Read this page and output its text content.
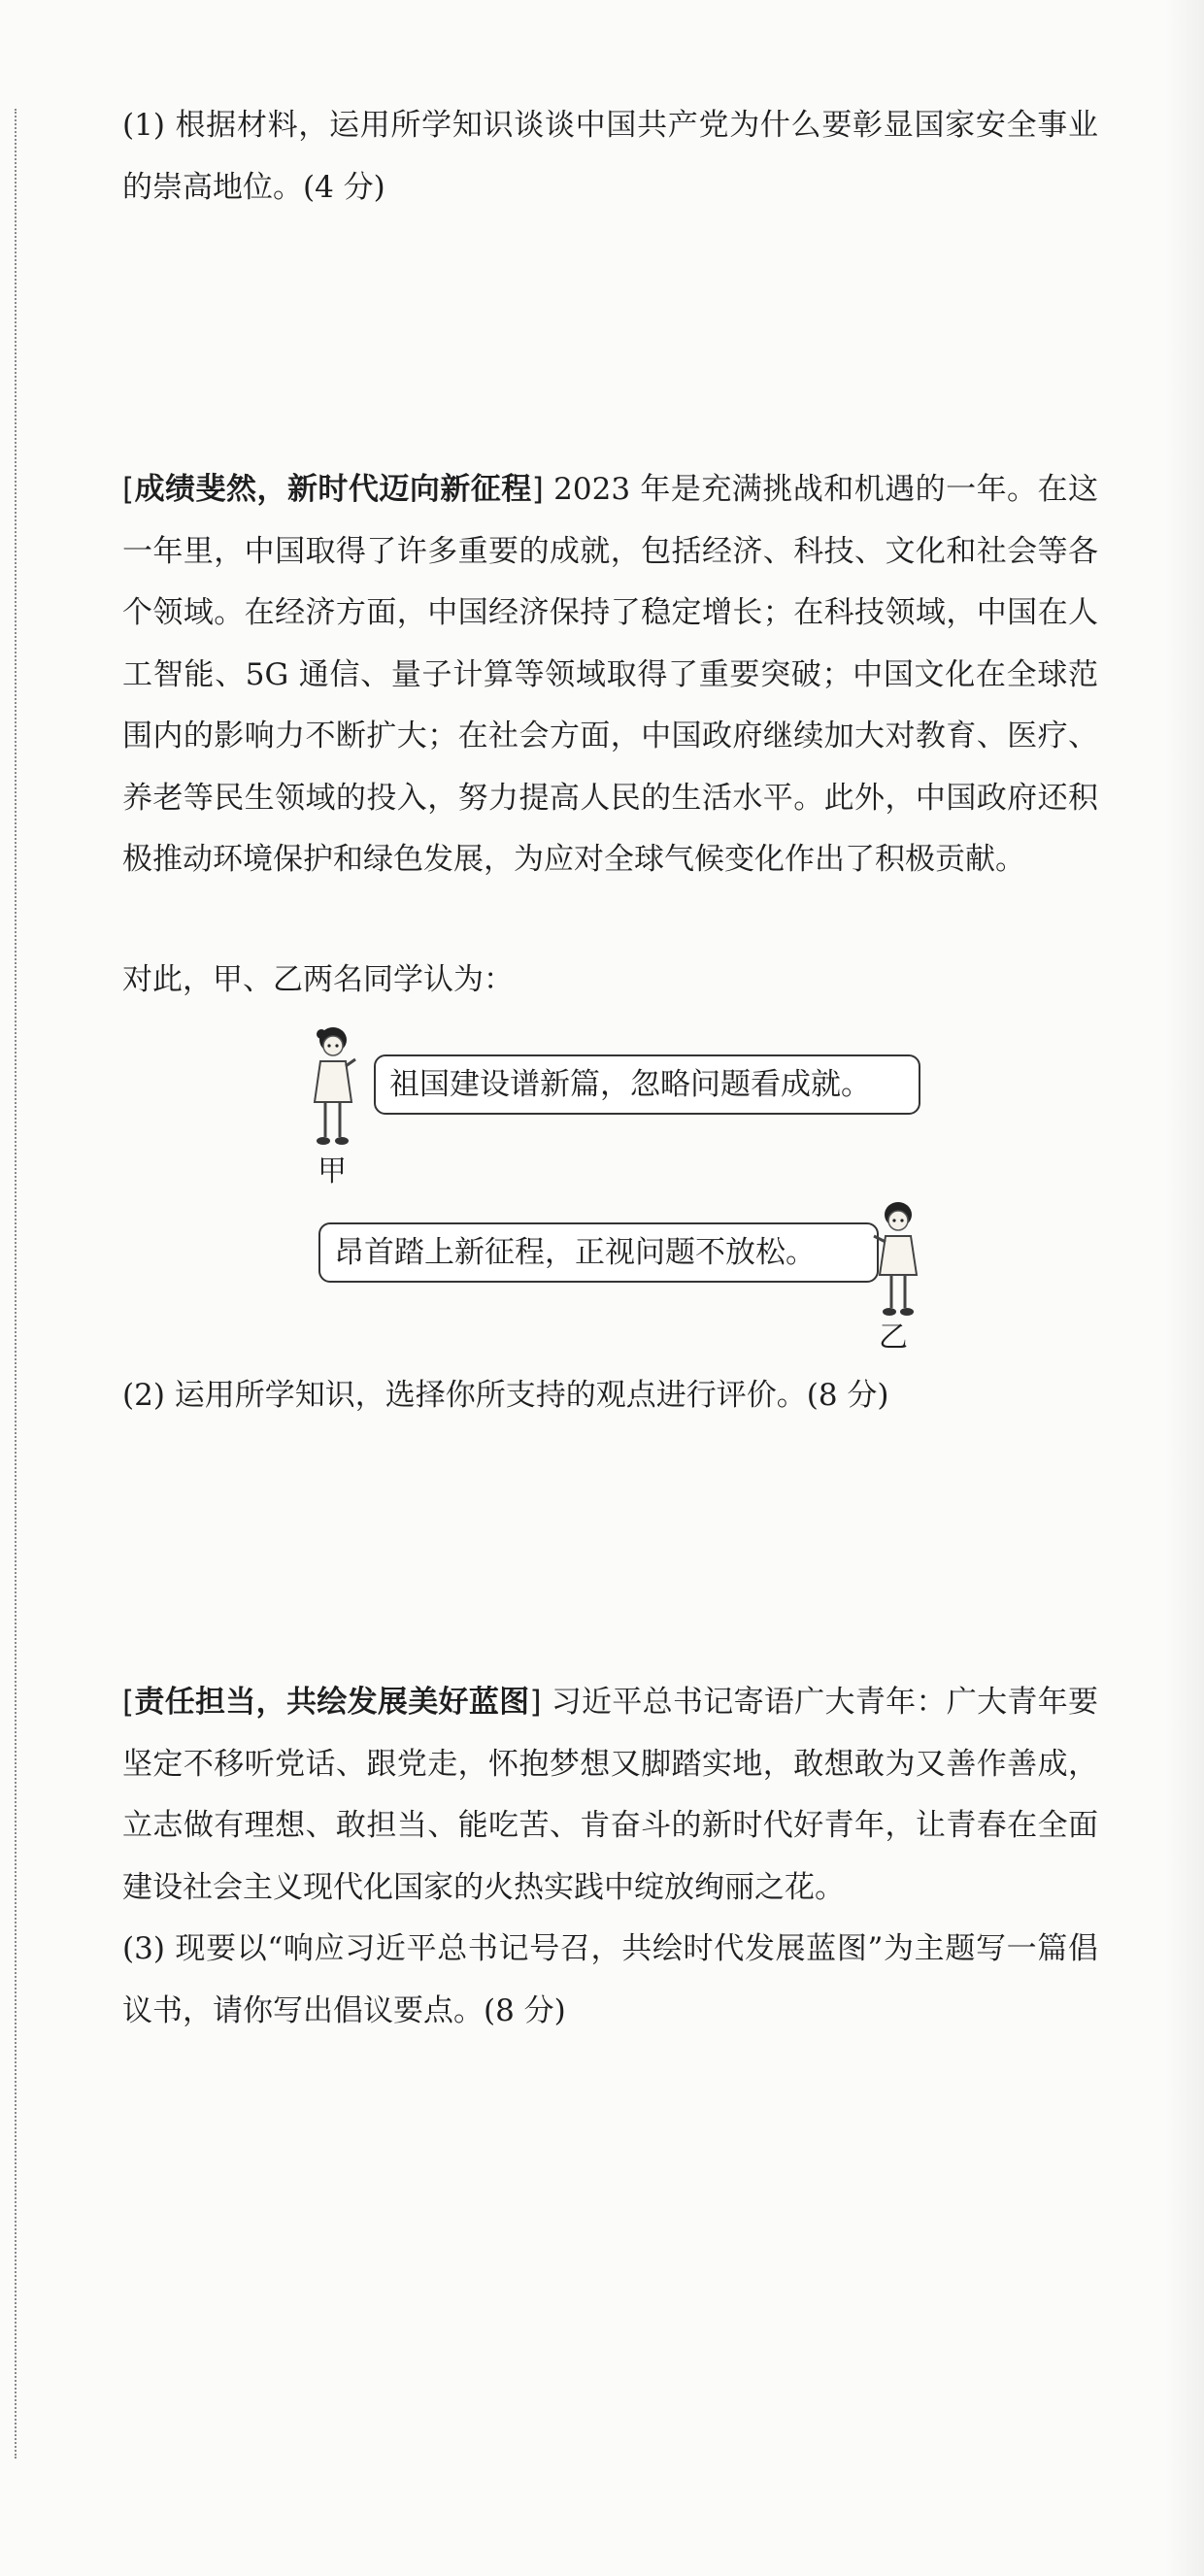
(1) 根据材料，运用所学知识谈谈中国共产党为什么要彰显国家安全事业的崇高地位。(4 分)

[成绩斐然，新时代迈向新征程] 2023 年是充满挑战和机遇的一年。在这一年里，中国取得了许多重要的成就，包括经济、科技、文化和社会等各个领域。在经济方面，中国经济保持了稳定增长；在科技领域，中国在人工智能、5G 通信、量子计算等领域取得了重要突破；中国文化在全球范围内的影响力不断扩大；在社会方面，中国政府继续加大对教育、医疗、养老等民生领域的投入，努力提高人民的生活水平。此外，中国政府还积极推动环境保护和绿色发展，为应对全球气候变化作出了积极贡献。

对此，甲、乙两名同学认为：

甲
祖国建设谱新篇，忽略问题看成就。
昂首踏上新征程，正视问题不放松。
乙

(2) 运用所学知识，选择你所支持的观点进行评价。(8 分)

[责任担当，共绘发展美好蓝图] 习近平总书记寄语广大青年：广大青年要坚定不移听党话、跟党走，怀抱梦想又脚踏实地，敢想敢为又善作善成，立志做有理想、敢担当、能吃苦、肯奋斗的新时代好青年，让青春在全面建设社会主义现代化国家的火热实践中绽放绚丽之花。

(3) 现要以“响应习近平总书记号召，共绘时代发展蓝图”为主题写一篇倡议书，请你写出倡议要点。(8 分)
